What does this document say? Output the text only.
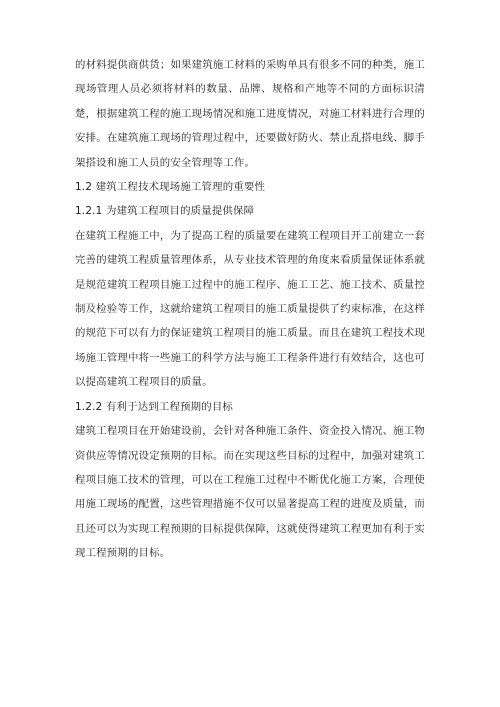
的材料提供商供货；如果建筑施工材料的采购单具有很多不同的种类，施工现场管理人员必须将材料的数量、品牌、规格和产地等不同的方面标识清楚，根据建筑工程的施工现场情况和施工进度情况，对施工材料进行合理的安排。在建筑施工现场的管理过程中，还要做好防火、禁止乱搭电线、脚手架搭设和施工人员的安全管理等工作。

1.2 建筑工程技术现场施工管理的重要性

1.2.1 为建筑工程项目的质量提供保障

在建筑工程施工中，为了提高工程的质量要在建筑工程项目开工前建立一套完善的建筑工程质量管理体系，从专业技术管理的角度来看质量保证体系就是规范建筑工程项目施工过程中的施工程序、施工工艺、施工技术、质量控制及检验等工作，这就给建筑工程项目的施工质量提供了约束标准，在这样的规范下可以有力的保证建筑工程项目的施工质量。而且在建筑工程技术现场施工管理中将一些施工的科学方法与施工工程条件进行有效结合，这也可以提高建筑工程项目的质量。

1.2.2 有利于达到工程预期的目标

建筑工程项目在开始建设前，会针对各种施工条件、资金投入情况、施工物资供应等情况设定预期的目标。而在实现这些目标的过程中，加强对建筑工程项目施工技术的管理，可以在工程施工过程中不断优化施工方案，合理使用施工现场的配置，这些管理措施不仅可以显著提高工程的进度及质量，而且还可以为实现工程预期的目标提供保障，这就使得建筑工程更加有利于实现工程预期的目标。
